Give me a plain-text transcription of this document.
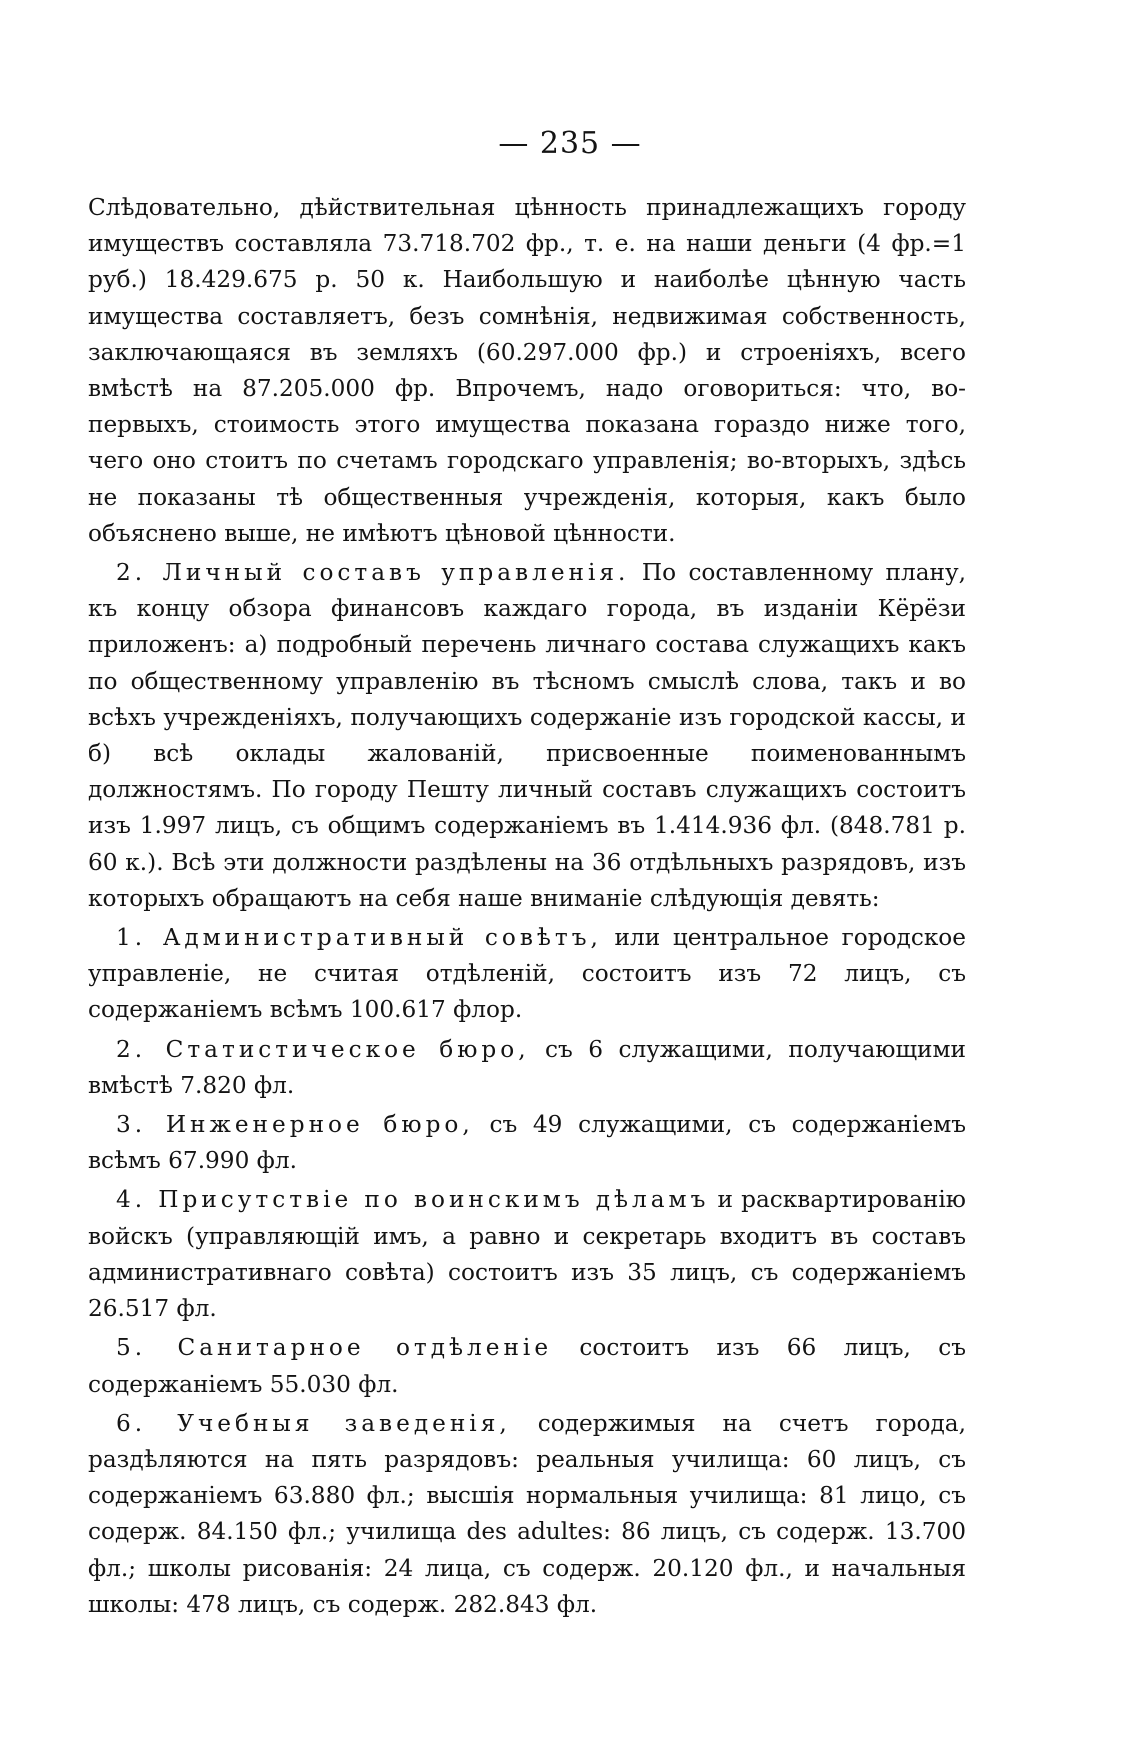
— 235 —

Слѣдовательно, дѣйствительная цѣнность принадлежащихъ городу имуществъ составляла 73.718.702 фр., т. е. на наши деньги (4 фр.=1 руб.) 18.429.675 р. 50 к. Наибольшую и наиболѣе цѣнную часть имущества составляетъ, безъ сомнѣнія, недвижимая собственность, заключающаяся въ земляхъ (60.297.000 фр.) и строеніяхъ, всего вмѣстѣ на 87.205.000 фр. Впрочемъ, надо оговориться: что, во-первыхъ, стоимость этого имущества показана гораздо ниже того, чего оно стоитъ по счетамъ городскаго управленія; во-вторыхъ, здѣсь не показаны тѣ общественныя учрежденія, которыя, какъ было объяснено выше, не имѣютъ цѣновой цѣнности.

2. Личный составъ управленія. По составленному плану, къ концу обзора финансовъ каждаго города, въ изданіи Кёрёзи приложенъ: а) подробный перечень личнаго состава служащихъ какъ по общественному управленію въ тѣсномъ смыслѣ слова, такъ и во всѣхъ учрежденіяхъ, получающихъ содержаніе изъ городской кассы, и б) всѣ оклады жалованій, присвоенные поименованнымъ должностямъ. По городу Пешту личный составъ служащихъ состоитъ изъ 1.997 лицъ, съ общимъ содержаніемъ въ 1.414.936 фл. (848.781 р. 60 к.). Всѣ эти должности раздѣлены на 36 отдѣльныхъ разрядовъ, изъ которыхъ обращаютъ на себя наше вниманіе слѣдующія девять:

1. Административный совѣтъ, или центральное городское управленіе, не считая отдѣленій, состоитъ изъ 72 лицъ, съ содержаніемъ всѣмъ 100.617 флор.

2. Статистическое бюро, съ 6 служащими, получающими вмѣстѣ 7.820 фл.

3. Инженерное бюро, съ 49 служащими, съ содержаніемъ всѣмъ 67.990 фл.

4. Присутствіе по воинскимъ дѣламъ и расквартированію войскъ (управляющій имъ, а равно и секретарь входитъ въ составъ административнаго совѣта) состоитъ изъ 35 лицъ, съ содержаніемъ 26.517 фл.

5. Санитарное отдѣленіе состоитъ изъ 66 лицъ, съ содержаніемъ 55.030 фл.

6. Учебныя заведенія, содержимыя на счетъ города, раздѣляются на пять разрядовъ: реальныя училища: 60 лицъ, съ содержаніемъ 63.880 фл.; высшія нормальныя училища: 81 лицо, съ содерж. 84.150 фл.; училища des adultes: 86 лицъ, съ содерж. 13.700 фл.; школы рисованія: 24 лица, съ содерж. 20.120 фл., и начальныя школы: 478 лицъ, съ содерж. 282.843 фл.
